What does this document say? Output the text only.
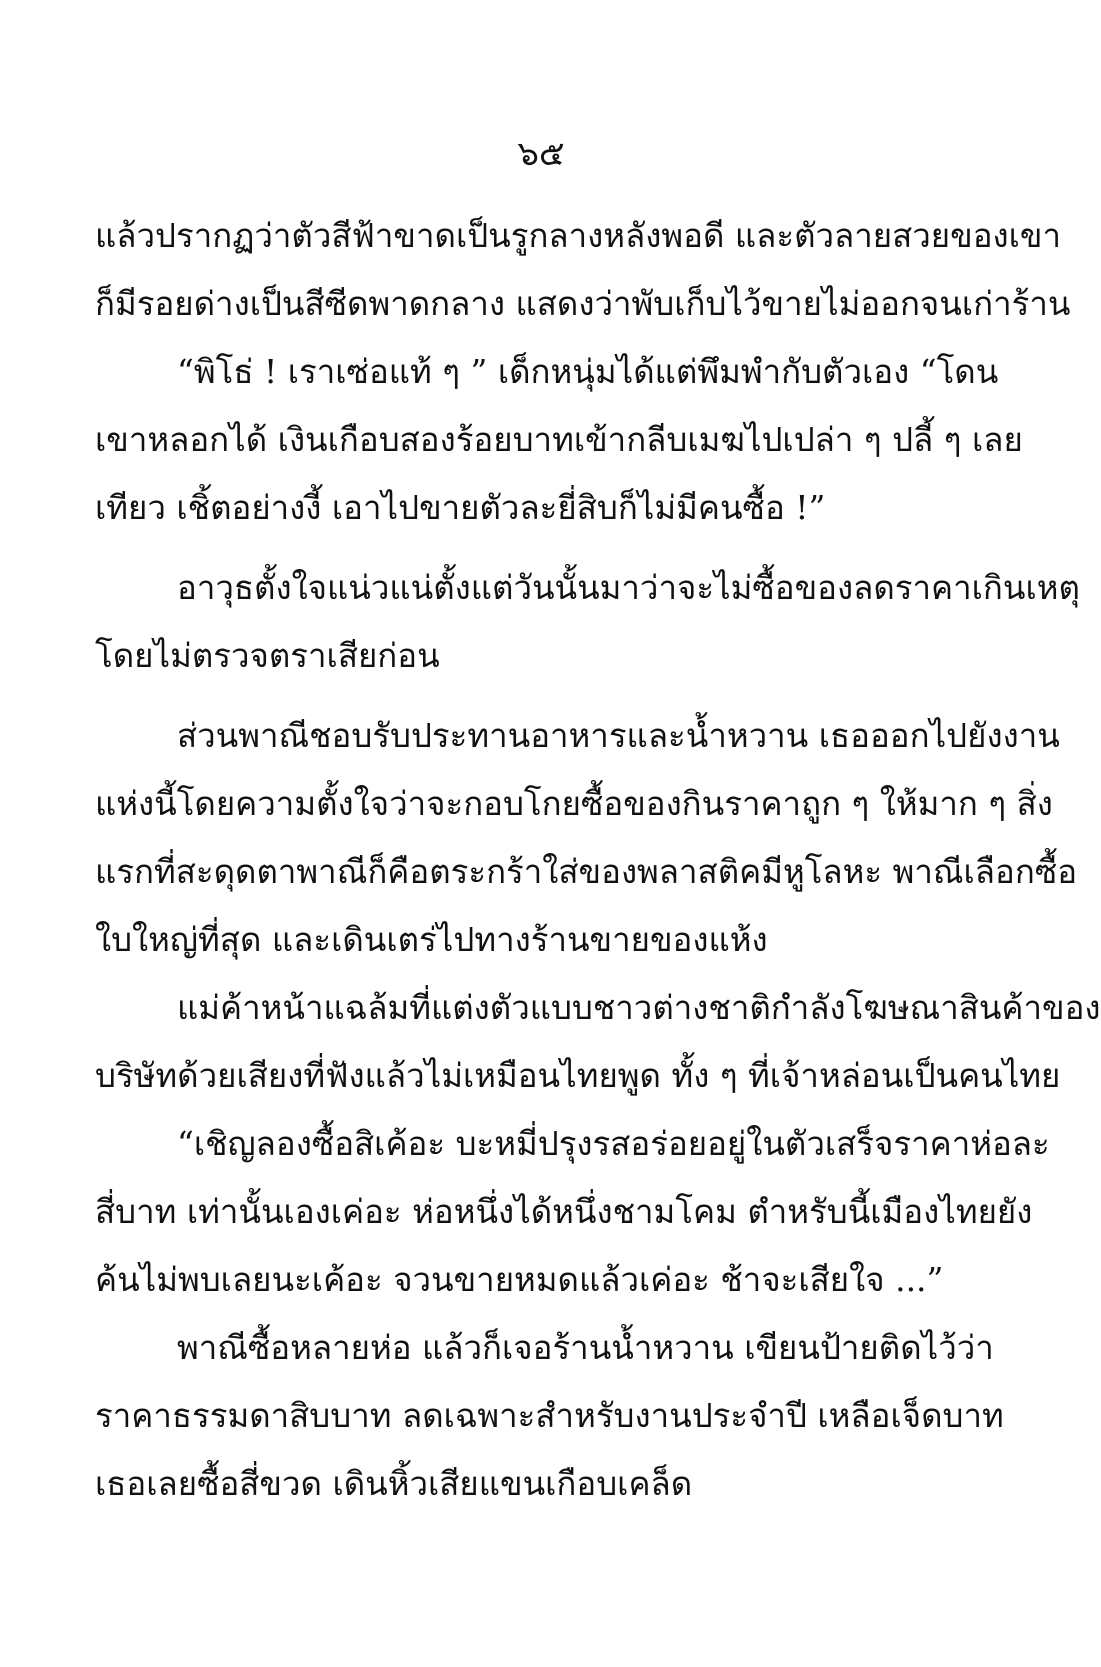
๖๕
แล้วปรากฏว่าตัวสีฟ้าขาดเป็นรูกลางหลังพอดี และตัวลายสวยของเขา
ก็มีรอยด่างเป็นสีซีดพาดกลาง แสดงว่าพับเก็บไว้ขายไม่ออกจนเก่าร้าน
“พิโธ่ ! เราเซ่อแท้ ๆ ” เด็กหนุ่มได้แต่พึมพำกับตัวเอง “โดน
เขาหลอกได้ เงินเกือบสองร้อยบาทเข้ากลีบเมฆไปเปล่า ๆ ปลี้ ๆ เลย
เทียว เชิ้ตอย่างงี้ เอาไปขายตัวละยี่สิบก็ไม่มีคนซื้อ !”
อาวุธตั้งใจแน่วแน่ตั้งแต่วันนั้นมาว่าจะไม่ซื้อของลดราคาเกินเหตุ
โดยไม่ตรวจตราเสียก่อน
ส่วนพาณีชอบรับประทานอาหารและน้ำหวาน เธอออกไปยังงาน
แห่งนี้โดยความตั้งใจว่าจะกอบโกยซื้อของกินราคาถูก ๆ ให้มาก ๆ สิ่ง
แรกที่สะดุดตาพาณีก็คือตระกร้าใส่ของพลาสติคมีหูโลหะ พาณีเลือกซื้อ
ใบใหญ่ที่สุด และเดินเตร่ไปทางร้านขายของแห้ง
แม่ค้าหน้าแฉล้มที่แต่งตัวแบบชาวต่างชาติกำลังโฆษณาสินค้าของ
บริษัทด้วยเสียงที่ฟังแล้วไม่เหมือนไทยพูด ทั้ง ๆ ที่เจ้าหล่อนเป็นคนไทย
“เชิญลองซื้อสิเค้อะ บะหมี่ปรุงรสอร่อยอยู่ในตัวเสร็จราคาห่อละ
สี่บาท เท่านั้นเองเค่อะ ห่อหนึ่งได้หนึ่งชามโคม ตำหรับนี้เมืองไทยยัง
ค้นไม่พบเลยนะเค้อะ จวนขายหมดแล้วเค่อะ ช้าจะเสียใจ ...”
พาณีซื้อหลายห่อ แล้วก็เจอร้านน้ำหวาน เขียนป้ายติดไว้ว่า
ราคาธรรมดาสิบบาท ลดเฉพาะสำหรับงานประจำปี เหลือเจ็ดบาท
เธอเลยซื้อสี่ขวด เดินหิ้วเสียแขนเกือบเคล็ด
